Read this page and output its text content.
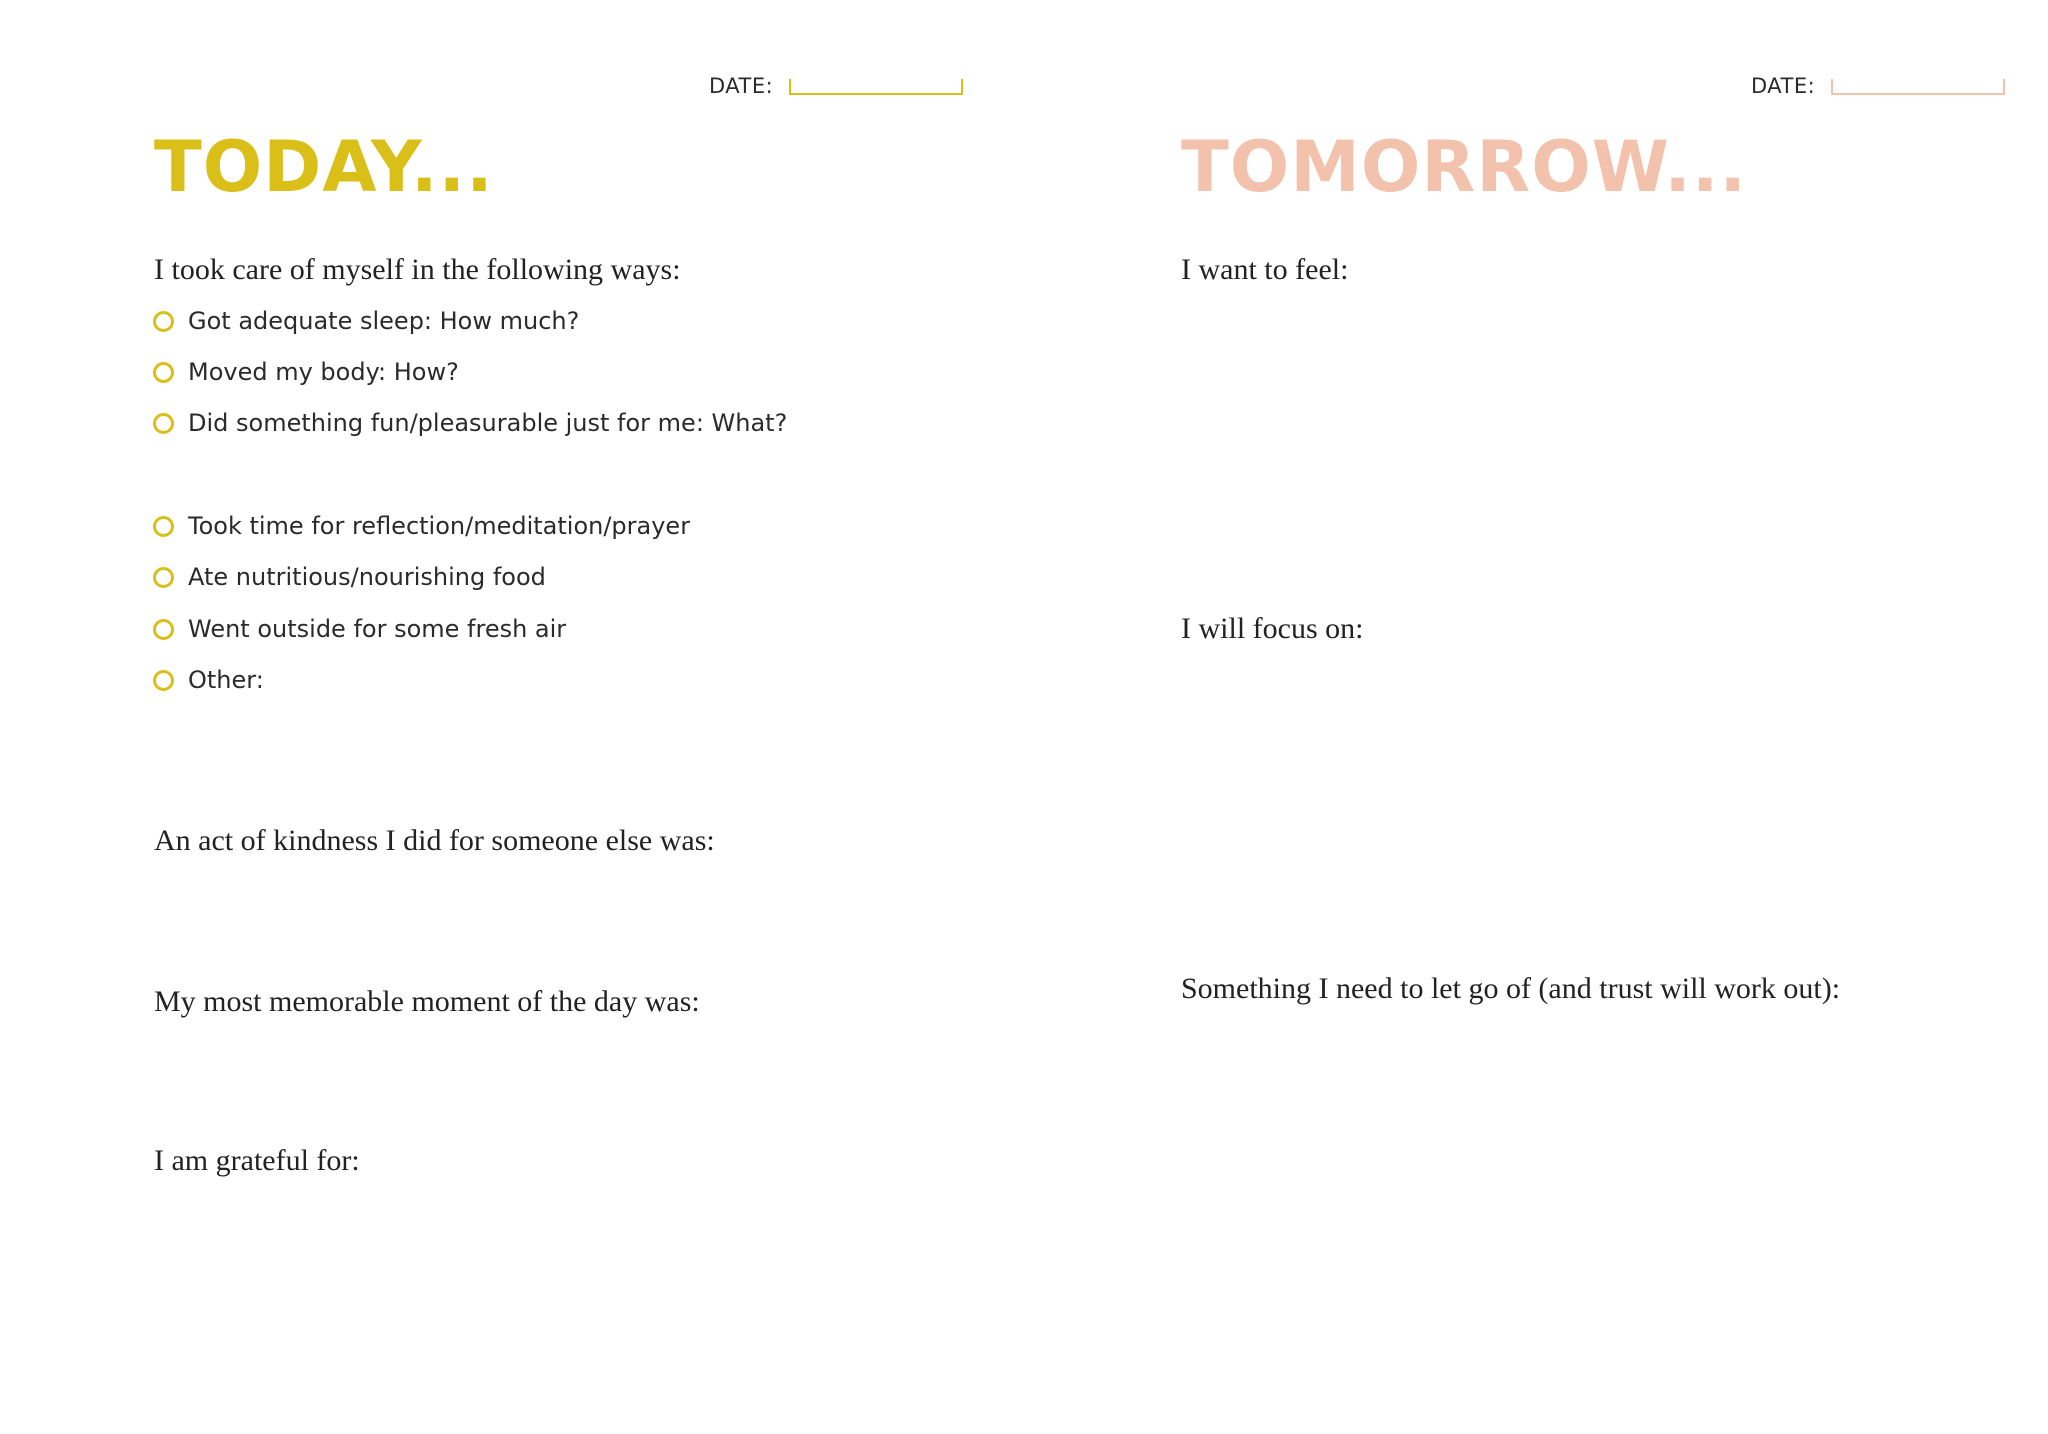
DATE:
TODAY...
I took care of myself in the following ways:
Got adequate sleep: How much?
Moved my body: How?
Did something fun/pleasurable just for me: What?
Took time for reflection/meditation/prayer
Ate nutritious/nourishing food
Went outside for some fresh air
Other:
An act of kindness I did for someone else was:
My most memorable moment of the day was:
I am grateful for:
DATE:
TOMORROW...
I want to feel:
I will focus on:
Something I need to let go of (and trust will work out):
